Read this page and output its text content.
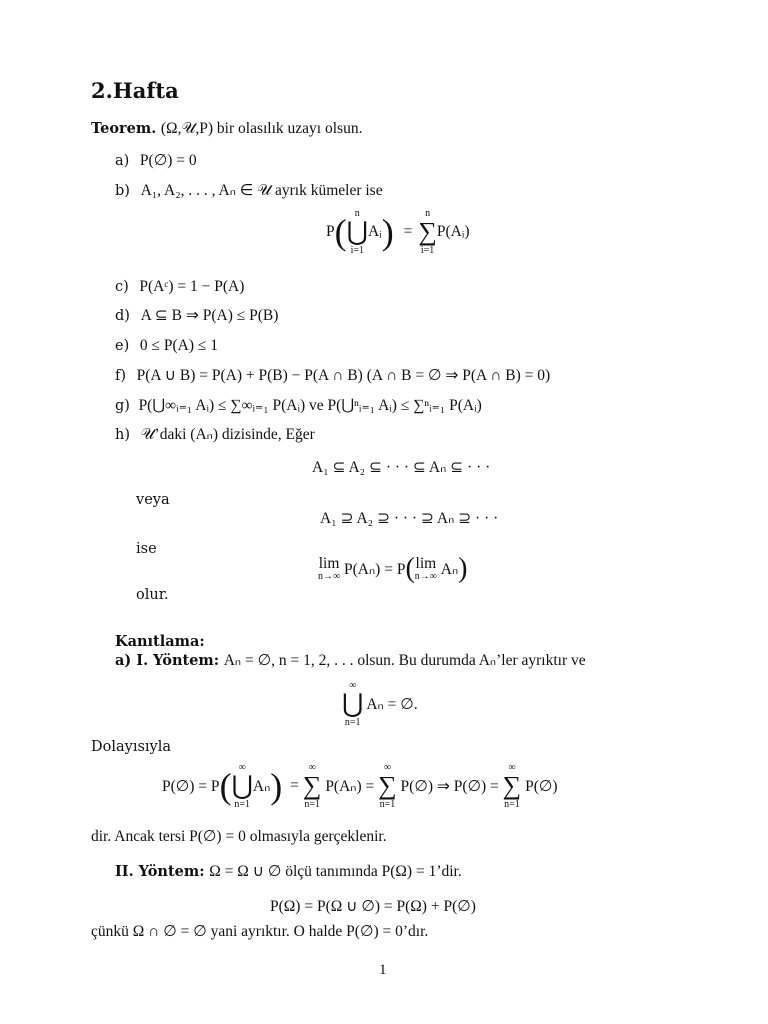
2.Hafta
Teorem. (Ω,𝒰,P) bir olasılık uzayı olsun.
a) P(∅) = 0
b) A₁, A₂, . . . , Aₙ ∈ 𝒰 ayrık kümeler ise
P( n
⋃
i=1
Aᵢ) =
n
∑
i=1
P(Aᵢ)
c) P(Aᶜ) = 1 − P(A)
d) A ⊆ B ⇒ P(A) ≤ P(B)
e) 0 ≤ P(A) ≤ 1
f) P(A ∪ B) = P(A) + P(B) − P(A ∩ B) (A ∩ B = ∅ ⇒ P(A ∩ B) = 0)
g) P(⋃∞ᵢ₌₁ Aᵢ) ≤ ∑∞ᵢ₌₁ P(Aᵢ) ve P(⋃ⁿᵢ₌₁ Aᵢ) ≤ ∑ⁿᵢ₌₁ P(Aᵢ)
h) 𝒰’daki (Aₙ) dizisinde, Eğer
A₁ ⊆ A₂ ⊆ · · · ⊆ Aₙ ⊆ · · ·
veya
A₁ ⊇ A₂ ⊇ · · · ⊇ Aₙ ⊇ · · ·
ise
lim
n→∞ P(Aₙ) = P( lim
n→∞ Aₙ)
olur.
Kanıtlama:
a) I. Yöntem: Aₙ = ∅, n = 1, 2, . . . olsun. Bu durumda Aₙ’ler ayrıktır ve
∞
⋃
n=1
Aₙ = ∅.
Dolayısıyla
P(∅) = P( ∞
⋃
n=1
Aₙ) =
∞
∑
n=1
P(Aₙ) =
∞
∑
n=1
P(∅) ⇒ P(∅) =
∞
∑
n=1
P(∅)
dir. Ancak tersi P(∅) = 0 olmasıyla gerçeklenir.
II. Yöntem: Ω = Ω ∪ ∅ ölçü tanımında P(Ω) = 1’dir.
P(Ω) = P(Ω ∪ ∅) = P(Ω) + P(∅)
çünkü Ω ∩ ∅ = ∅ yani ayrıktır. O halde P(∅) = 0’dır.
1
